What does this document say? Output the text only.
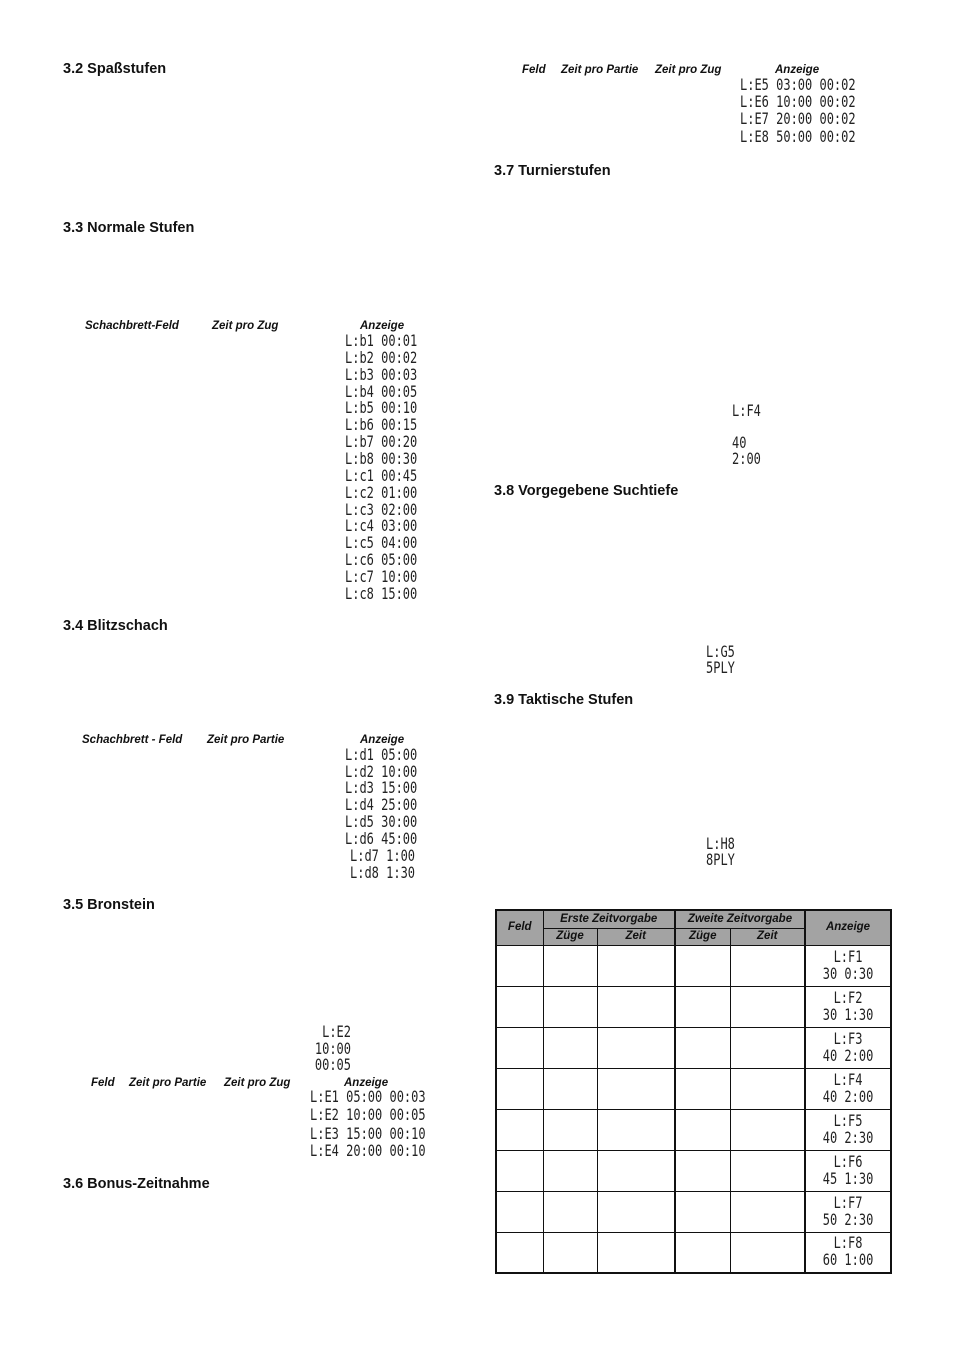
3.2 Spaßstufen
3.3 Normale Stufen
Schachbrett-Feld	Zeit pro Zug	Anzeige
L:b1 00:01
L:b2 00:02
L:b3 00:03
L:b4 00:05
L:b5 00:10
L:b6 00:15
L:b7 00:20
L:b8 00:30
L:c1 00:45
L:c2 01:00
L:c3 02:00
L:c4 03:00
L:c5 04:00
L:c6 05:00
L:c7 10:00
L:c8 15:00
3.4 Blitzschach
Schachbrett - Feld Zeit pro Partie	Anzeige
L:d1 05:00
L:d2 10:00
L:d3 15:00
L:d4 25:00
L:d5 30:00
L:d6 45:00
L:d7 1:00
L:d8 1:30
3.5 Bronstein
L:E2
10:00
00:05
Feld Zeit pro Partie Zeit pro Zug	Anzeige
L:E1 05:00 00:03
L:E2 10:00 00:05
L:E3 15:00 00:10
L:E4 20:00 00:10
3.6 Bonus-Zeitnahme
Feld Zeit pro Partie Zeit pro Zug	Anzeige
L:E5 03:00 00:02
L:E6 10:00 00:02
L:E7 20:00 00:02
L:E8 50:00 00:02
3.7 Turnierstufen
L:F4
40
2:00
3.8 Vorgegebene Suchtiefe
L:G5
5PLY
3.9 Taktische Stufen
L:H8
8PLY
Feld	Erste Zeitvorgabe		Zweite Zeitvorgabe		Anzeige
	Züge	Zeit	Züge	Zeit	

					L:F1
30 0:30

					L:F2
30 1:30

					L:F3
40 2:00

					L:F4
40 2:00

					L:F5
40 2:30

					L:F6
45 1:30

					L:F7
50 2:30

					L:F8
60 1:00
